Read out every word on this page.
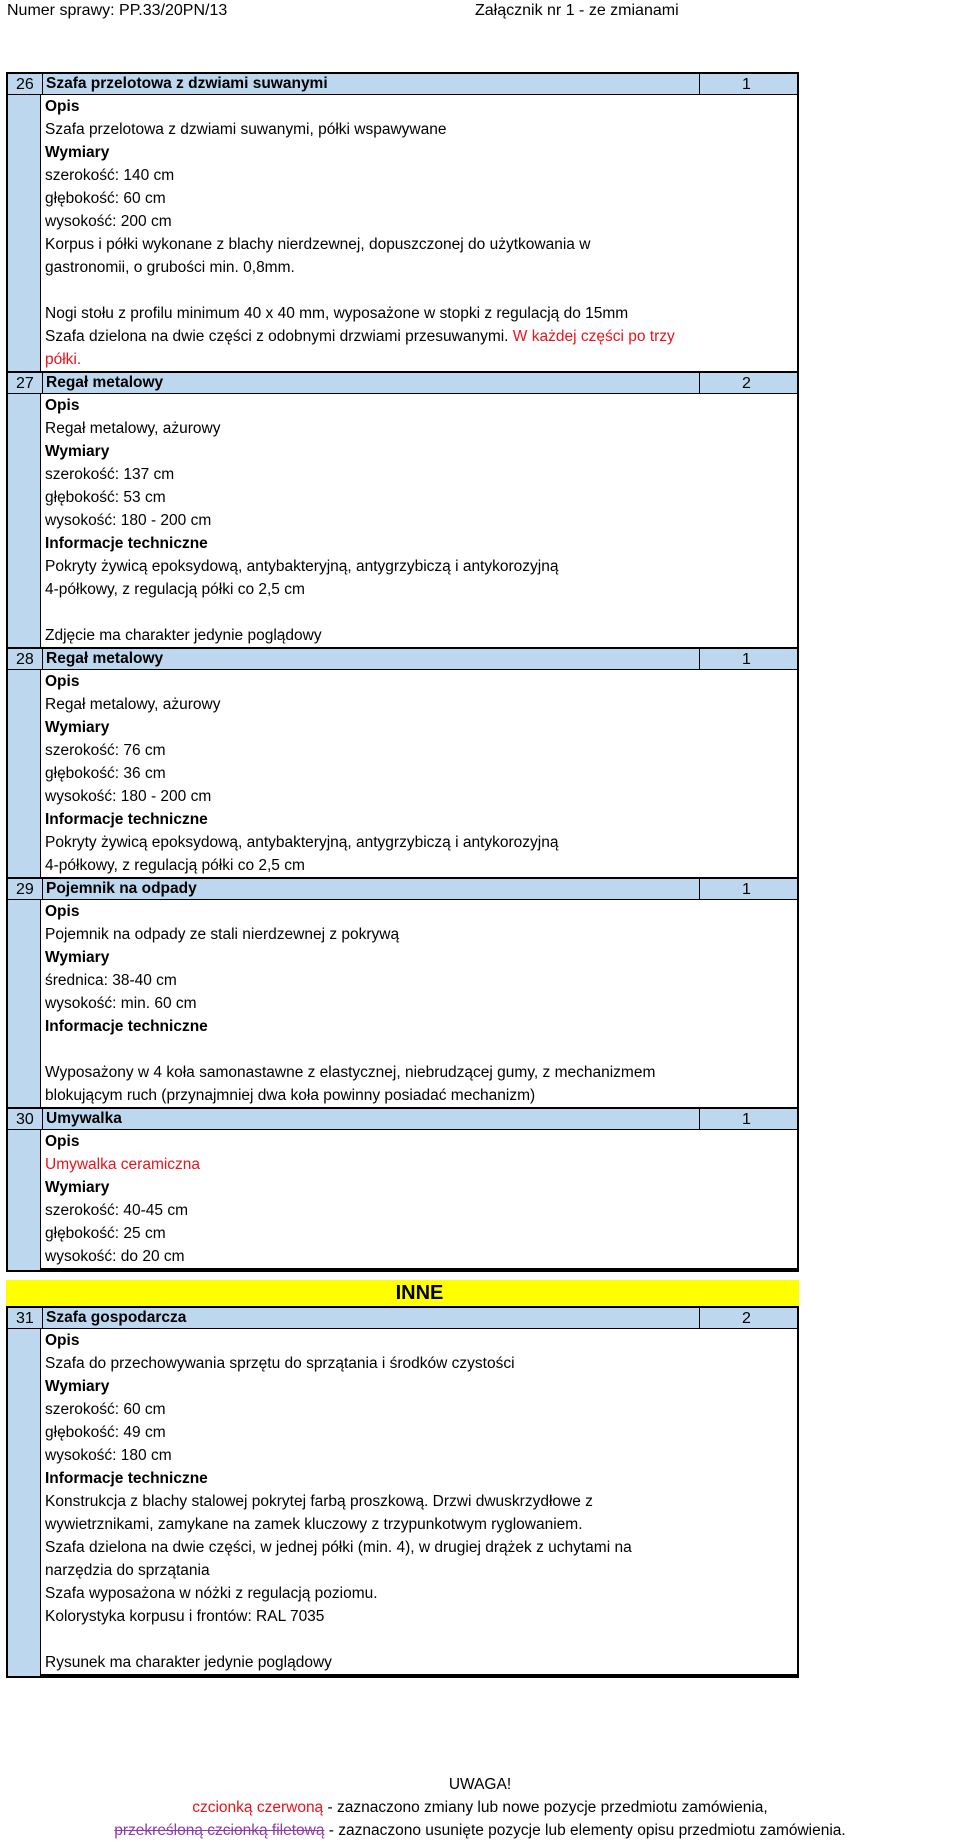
Numer sprawy: PP.33/20PN/13	Załącznik nr 1 - ze zmianami
26 Szafa przelotowa z dzwiami suwanymi	1
Opis
Szafa przelotowa z dzwiami suwanymi, półki wspawywane
Wymiary
szerokość: 140 cm
głębokość: 60 cm
wysokość: 200 cm
Korpus i półki wykonane z blachy nierdzewnej, dopuszczonej do użytkowania w
gastronomii, o grubości min. 0,8mm.
Nogi stołu z profilu minimum 40 x 40 mm, wyposażone w stopki z regulacją do 15mm
Szafa dzielona na dwie części z odobnymi drzwiami przesuwanymi. W każdej części po trzy
półki.
27 Regał metalowy	2
Opis
Regał metalowy, ażurowy
Wymiary
szerokość: 137 cm
głębokość: 53 cm
wysokość: 180 - 200 cm
Informacje techniczne
Pokryty żywicą epoksydową, antybakteryjną, antygrzybiczą i antykorozyjną
4-półkowy, z regulacją półki co 2,5 cm
Zdjęcie ma charakter jedynie poglądowy
28 Regał metalowy	1
Opis
Regał metalowy, ażurowy
Wymiary
szerokość: 76 cm
głębokość: 36 cm
wysokość: 180 - 200 cm
Informacje techniczne
Pokryty żywicą epoksydową, antybakteryjną, antygrzybiczą i antykorozyjną
4-półkowy, z regulacją półki co 2,5 cm
29 Pojemnik na odpady	1
Opis
Pojemnik na odpady ze stali nierdzewnej z pokrywą
Wymiary
średnica: 38-40 cm
wysokość: min. 60 cm
Informacje techniczne
Wyposażony w 4 koła samonastawne z elastycznej, niebrudzącej gumy, z mechanizmem
blokującym ruch (przynajmniej dwa koła powinny posiadać mechanizm)
30 Umywalka	1
Opis
Umywalka ceramiczna
Wymiary
szerokość: 40-45 cm
głębokość: 25 cm
wysokość: do 20 cm
INNE
31 Szafa gospodarcza	2
Opis
Szafa do przechowywania sprzętu do sprzątania i środków czystości
Wymiary
szerokość: 60 cm
głębokość: 49 cm
wysokość: 180 cm
Informacje techniczne
Konstrukcja z blachy stalowej pokrytej farbą proszkową. Drzwi dwuskrzydłowe z
wywietrznikami, zamykane na zamek kluczowy z trzypunkotwym ryglowaniem.
Szafa dzielona na dwie części, w jednej półki (min. 4), w drugiej drążek z uchytami na
narzędzia do sprzątania
Szafa wyposażona w nóżki z regulacją poziomu.
Kolorystyka korpusu i frontów: RAL 7035
Rysunek ma charakter jedynie poglądowy
UWAGA!
czcionką czerwoną - zaznaczono zmiany lub nowe pozycje przedmiotu zamówienia,
przekreśloną czcionką filetową - zaznaczono usunięte pozycje lub elementy opisu przedmiotu zamówienia.
